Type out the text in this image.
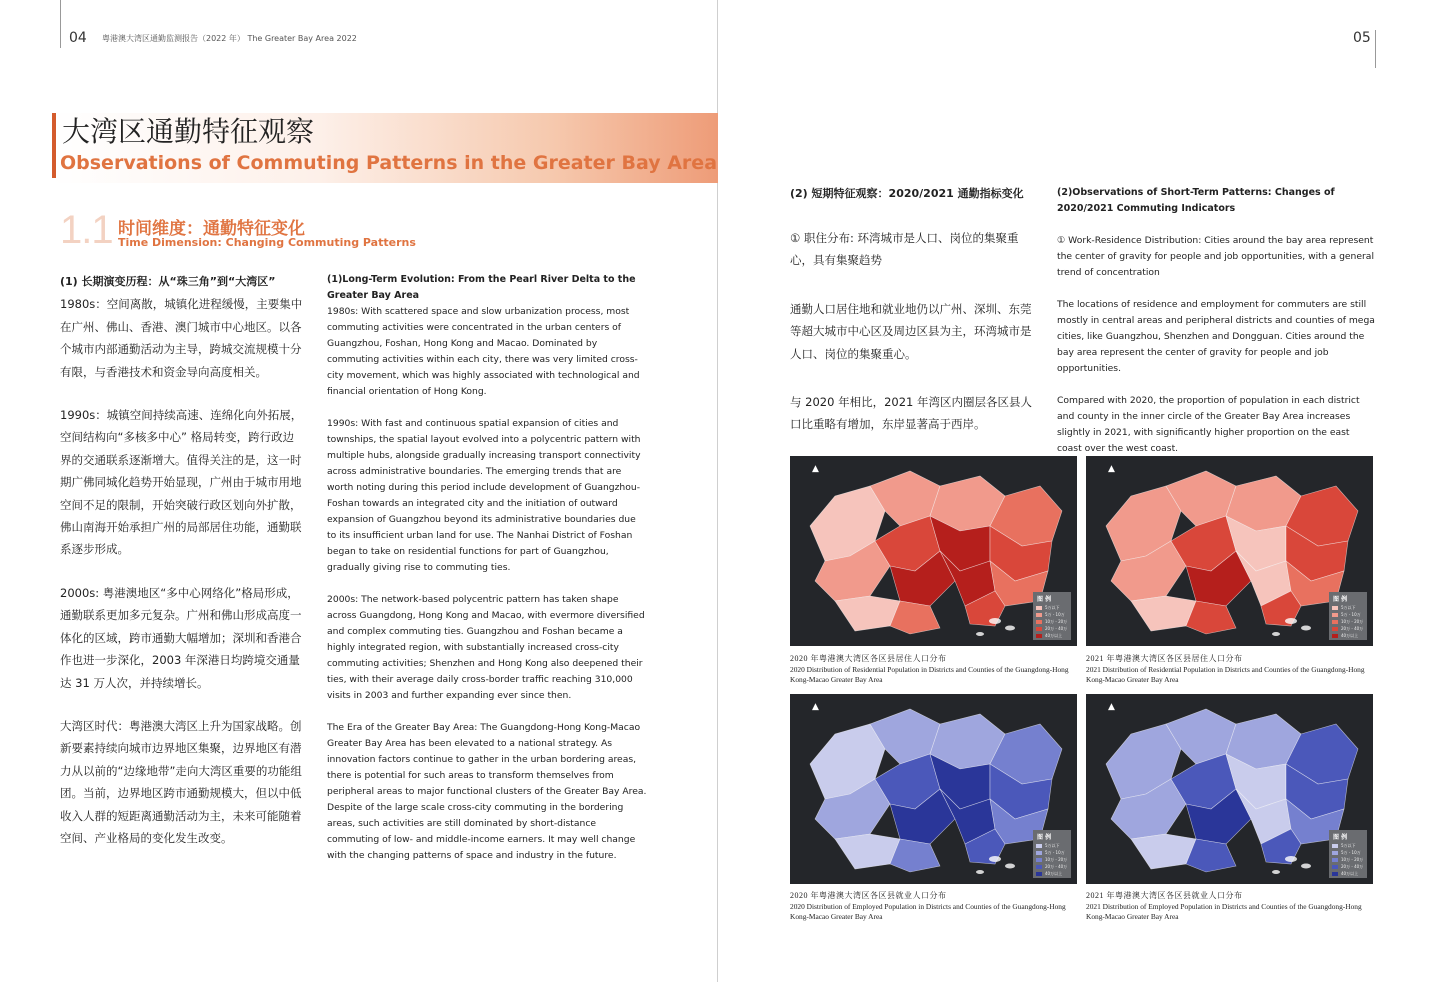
04 粤港澳大湾区通勤监测报告（2022 年） The Greater Bay Area 2022	05
大湾区通勤特征观察
Observations of Commuting Patterns in the Greater Bay Area
1.1 时间维度：通勤特征变化
Time Dimension: Changing Commuting Patterns
(1) 长期演变历程：从“珠三角”到“大湾区”

1980s：空间离散，城镇化进程缓慢，主要集中在广州、佛山、香港、澳门城市中心地区。以各个城市内部通勤活动为主导，跨城交流规模十分有限，与香港技术和资金导向高度相关。

1990s：城镇空间持续高速、连绵化向外拓展，空间结构向“多核多中心” 格局转变，跨行政边界的交通联系逐渐增大。值得关注的是，这一时期广佛同城化趋势开始显现，广州由于城市用地空间不足的限制，开始突破行政区划向外扩散，佛山南海开始承担广州的局部居住功能，通勤联系逐步形成。

2000s: 粤港澳地区“多中心网络化”格局形成，通勤联系更加多元复杂。广州和佛山形成高度一体化的区域，跨市通勤大幅增加；深圳和香港合作也进一步深化，2003 年深港日均跨境交通量达 31 万人次，并持续增长。

大湾区时代：粤港澳大湾区上升为国家战略。创新要素持续向城市边界地区集聚，边界地区有潜力从以前的“边缘地带”走向大湾区重要的功能组团。当前，边界地区跨市通勤规模大，但以中低收入人群的短距离通勤活动为主，未来可能随着空间、产业格局的变化发生改变。

(1)Long-Term Evolution: From the Pearl River Delta to the Greater Bay Area

1980s: With scattered space and slow urbanization process, most commuting activities were concentrated in the urban centers of Guangzhou, Foshan, Hong Kong and Macao. Dominated by commuting activities within each city, there was very limited cross-city movement, which was highly associated with technological and financial orientation of Hong Kong.

1990s: With fast and continuous spatial expansion of cities and townships, the spatial layout evolved into a polycentric pattern with multiple hubs, alongside gradually increasing transport connectivity across administrative boundaries. The emerging trends that are worth noting during this period include development of Guangzhou-Foshan towards an integrated city and the initiation of outward expansion of Guangzhou beyond its administrative boundaries due to its insufficient urban land for use. The Nanhai District of Foshan began to take on residential functions for part of Guangzhou, gradually giving rise to commuting ties.

2000s: The network-based polycentric pattern has taken shape across Guangdong, Hong Kong and Macao, with evermore diversified and complex commuting ties. Guangzhou and Foshan became a highly integrated region, with substantially increased cross-city commuting activities; Shenzhen and Hong Kong also deepened their ties, with their average daily cross-border traffic reaching 310,000 visits in 2003 and further expanding ever since then.

The Era of the Greater Bay Area: The Guangdong-Hong Kong-Macao Greater Bay Area has been elevated to a national strategy. As innovation factors continue to gather in the urban bordering areas, there is potential for such areas to transform themselves from peripheral areas to major functional clusters of the Greater Bay Area. Despite of the large scale cross-city commuting in the bordering areas, such activities are still dominated by short-distance commuting of low- and middle-income earners. It may well change with the changing patterns of space and industry in the future.

(2) 短期特征观察：2020/2021 通勤指标变化
① 职住分布: 环湾城市是人口、岗位的集聚重心，具有集聚趋势
通勤人口居住地和就业地仍以广州、深圳、东莞等超大城市中心区及周边区县为主，环湾城市是人口、岗位的集聚重心。
与 2020 年相比，2021 年湾区内圈层各区县人口比重略有增加，东岸显著高于西岸。
(2)Observations of Short-Term Patterns: Changes of 2020/2021 Commuting Indicators
① Work-Residence Distribution: Cities around the bay area represent the center of gravity for people and job opportunities, with a general trend of concentration
The locations of residence and employment for commuters are still mostly in central areas and peripheral districts and counties of mega cities, like Guangzhou, Shenzhen and Dongguan. Cities around the bay area represent the center of gravity for people and job opportunities.
Compared with 2020, the proportion of population in each district and county in the inner circle of the Greater Bay Area increases slightly in 2021, with significantly higher proportion on the east coast over the west coast.
▲
图 例
5万以下
5万 - 10万
10万 - 20万
20万 - 40万
40万以上
2020 年粤港澳大湾区各区县居住人口分布
2020 Distribution of Residential Population in Districts and Counties of the Guangdong-Hong Kong-Macao Greater Bay Area
▲
图 例
5万以下
5万 - 10万
10万 - 20万
20万 - 40万
40万以上
2021 年粤港澳大湾区各区县居住人口分布
2021 Distribution of Residential Population in Districts and Counties of the Guangdong-Hong Kong-Macao Greater Bay Area
▲
图 例
5万以下
5万 - 10万
10万 - 20万
20万 - 40万
40万以上
2020 年粤港澳大湾区各区县就业人口分布
2020 Distribution of Employed Population in Districts and Counties of the Guangdong-Hong Kong-Macao Greater Bay Area
▲
图 例
5万以下
5万 - 10万
10万 - 20万
20万 - 40万
40万以上
2021 年粤港澳大湾区各区县就业人口分布
2021 Distribution of Employed Population in Districts and Counties of the Guangdong-Hong Kong-Macao Greater Bay Area
